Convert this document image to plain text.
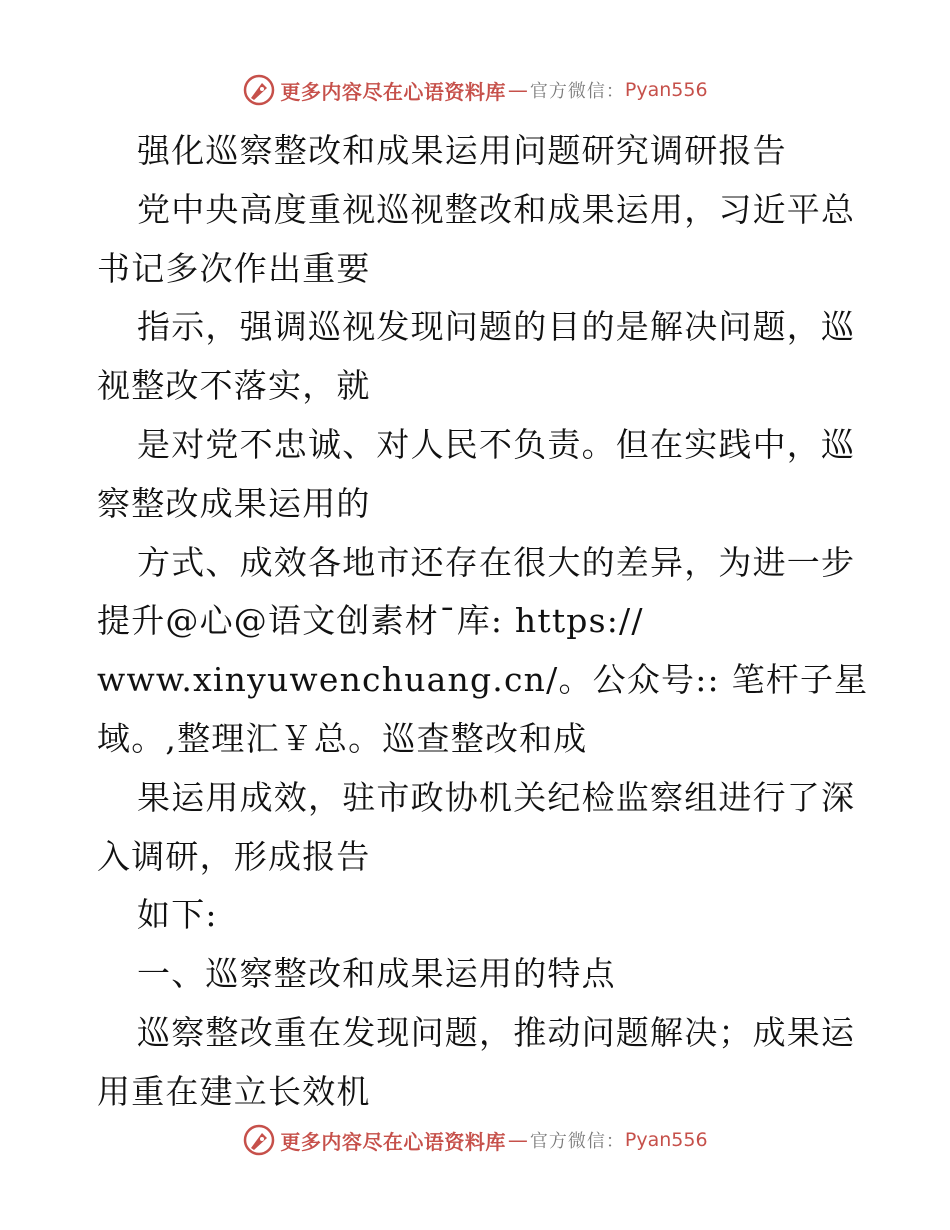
更多内容尽在心语资料库 — 官方微信： Pyan556

强化巡察整改和成果运用问题研究调研报告

党中央高度重视巡视整改和成果运用，习近平总

书记多次作出重要

指示，强调巡视发现问题的目的是解决问题，巡

视整改不落实，就

是对党不忠诚、对人民不负责。但在实践中，巡

察整改成果运用的

方式、成效各地市还存在很大的差异，为进一步

提升@心@语文创素材¯库: https://

www.xinyuwenchuang.cn/。公众号:: 笔杆子星

域。,整理汇￥总。巡查整改和成

果运用成效，驻市政协机关纪检监察组进行了深

入调研，形成报告

如下:

一、巡察整改和成果运用的特点

巡察整改重在发现问题，推动问题解决；成果运

用重在建立长效机

更多内容尽在心语资料库 — 官方微信： Pyan556
